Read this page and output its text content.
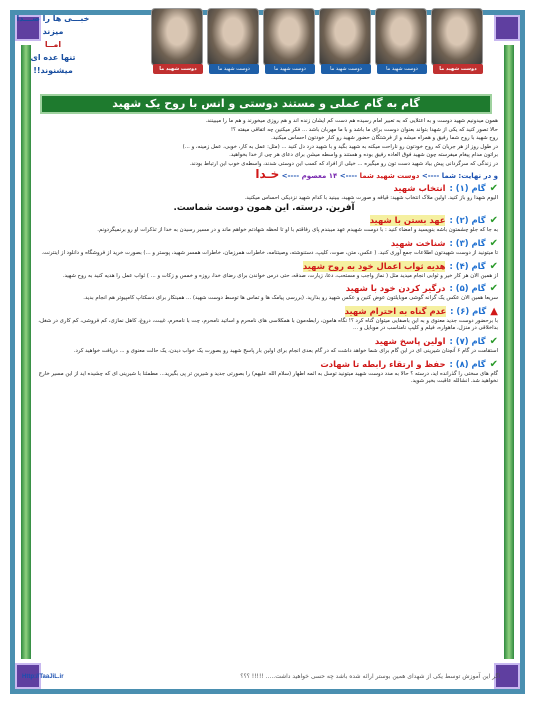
خبـــی ها را صـــدا میزند
امــا
تنها عده ای میشنوند!!	دوست شهید ما
دوست شهید ما
دوست شهید ما
دوست شهید ما
دوست شهید ما
دوست شهید ما
گام به گام عملی و مستند دوستی و انس با روح یک شهید

همون میدونیم شهید دوست و به اعتلایی که به تعبیر امام رسیده هم دست کم ایشان زنده اند و هم روزی میخورند و هم ما را میبینند.

حالا تصور کنید که یکی از شهدا بتواند بعنوان دوست برای ما باشد و با ما مهربان باشد ... فکر میکنین چه اتفاقی میفته ؟!

روح شهید با روح شما رفیق و همراه میشه و از فرشتگان حضور شهید رو کنار خودتون احساس میکنید.

در طول روز از هر جریان که روح خودتون رو ناراحت میکنه به شهید بگید و با شهید درد دل کنید ... (مثل: عمل به کار، خوبی، عمل زمینه، و ...)

براتون مدام پیغام میفرسته چون شهید فوق العاده رفیق بوده و هستند و واسطه میشن برای دعای هر چی از خدا بخواهید.

در زندگی که سرگردانی پیش بیاد شهید دست تون رو میگیره ... خیلی از افراد که کسب این دوستی شدند، واسطه‌ی خوب این ارتباط بودند.

و در نهایت: شما ----> دوست شهید شما ----> ۱۴ معصوم ----> خـدا
✔
گام (۱) :
انتخاب شهید

الیوم شهدا رو باز کنید. اولین ملاک انتخاب شهید: قیافه و صورت شهید، ببینید با کدام شهید نزدیکی احساس میکنید.

آفرین. درسته. این همون دوست شماست.
✔
گام (۲) :
عهد بستن با شهید

به جا که جلو چشمتون باشه بنویسید و امضاء کنید : با دوست شهیدم عهد میبندم پای رفاقتم با او تا لحظه شهادتم خواهم ماند و در مسیر رسیدن به خدا از تذکرات او رو برنمیگردونم.

✔
گام (۳) :
شناخت شهید

تا میتونید از دوست شهیدتون اطلاعات جمع آوری کنید. ( عکس، متن، صوت، کلیپ، دستنوشته، وصیتنامه، خاطرات همرزمان، خاطرات همسر شهید، پوستر و ...) بصورت خرید از فروشگاه و دانلود از اینترنت.

✔
گام (۴) :
هدیه ثواب اعمال خود به روح شهید

از همین الان هر کار خیر و ثوابی انجام میدید مثل ( نماز واجب و مستحب، دعا، زیارت، صدقه، حتی درس خواندن برای رضای خدا، روزه و خمس و زکات و ... ) ثواب عمل را هدیه کنید به روح شهید.

✔
گام (۵) :
درگیر کردن خود با شهید

سریعا همین الان عکس یک گرانه گوشی موبایلتون عوض کنین و عکس شهید رو بذارید. (بررسی پیامک ها و تماس ها توسط دوست شهید) ... همینکار برای دسکتاپ کامپیوتر هم انجام بدید.

▲
گام (۶) :
عدم گناه به احترام شهید

با برحضور دوست جدید معنوی و به این باصفایی میتوان گناه کرد ؟! نگاه هامون، رابطه‌مون با همکلاسی های نامحرم و اساتید نامحرم، چت با نامحرم، غیبت، دروغ، کاهل نمازی، کم فروشی، کم کاری در شغل، بداخلاقی در منزل، ماهواره، فیلم و کلیپ نامناسب در موبایل و ...

✔
گام (۷) :
اولین پاسخ شهید

استقامت در گام ۶ آنچنان شیرینی ای در این گام برای شما خواهد داشت که در گام بعدی انجام برای اولین بار پاسخ شهید رو بصورت یک خواب دیدن، یک حالت معنوی و ... دریافت خواهید کرد.

✔
گام (۸) :
حفظ و ارتقاء رابطه تا شهادت

گام های سختی را گذرانده اید، درسته ؟ حالا به مدد دوست شهید میتونید توسل به ائمه اطهار (سلام الله علیهم) را بصورتی جدید و شیرین تر پی بگیرید... مطمئنا با شیرینی ای که چشیده اید از این مسیر خارج نخواهید شد. انشالله عاقبت بخیر شوید.

Http://TaaJiL.ir	اگر این آموزش توسط یکی از شهدای همین بوستر ارائه شده باشد چه حسی خواهید داشت..... !!!!! ؟؟؟
